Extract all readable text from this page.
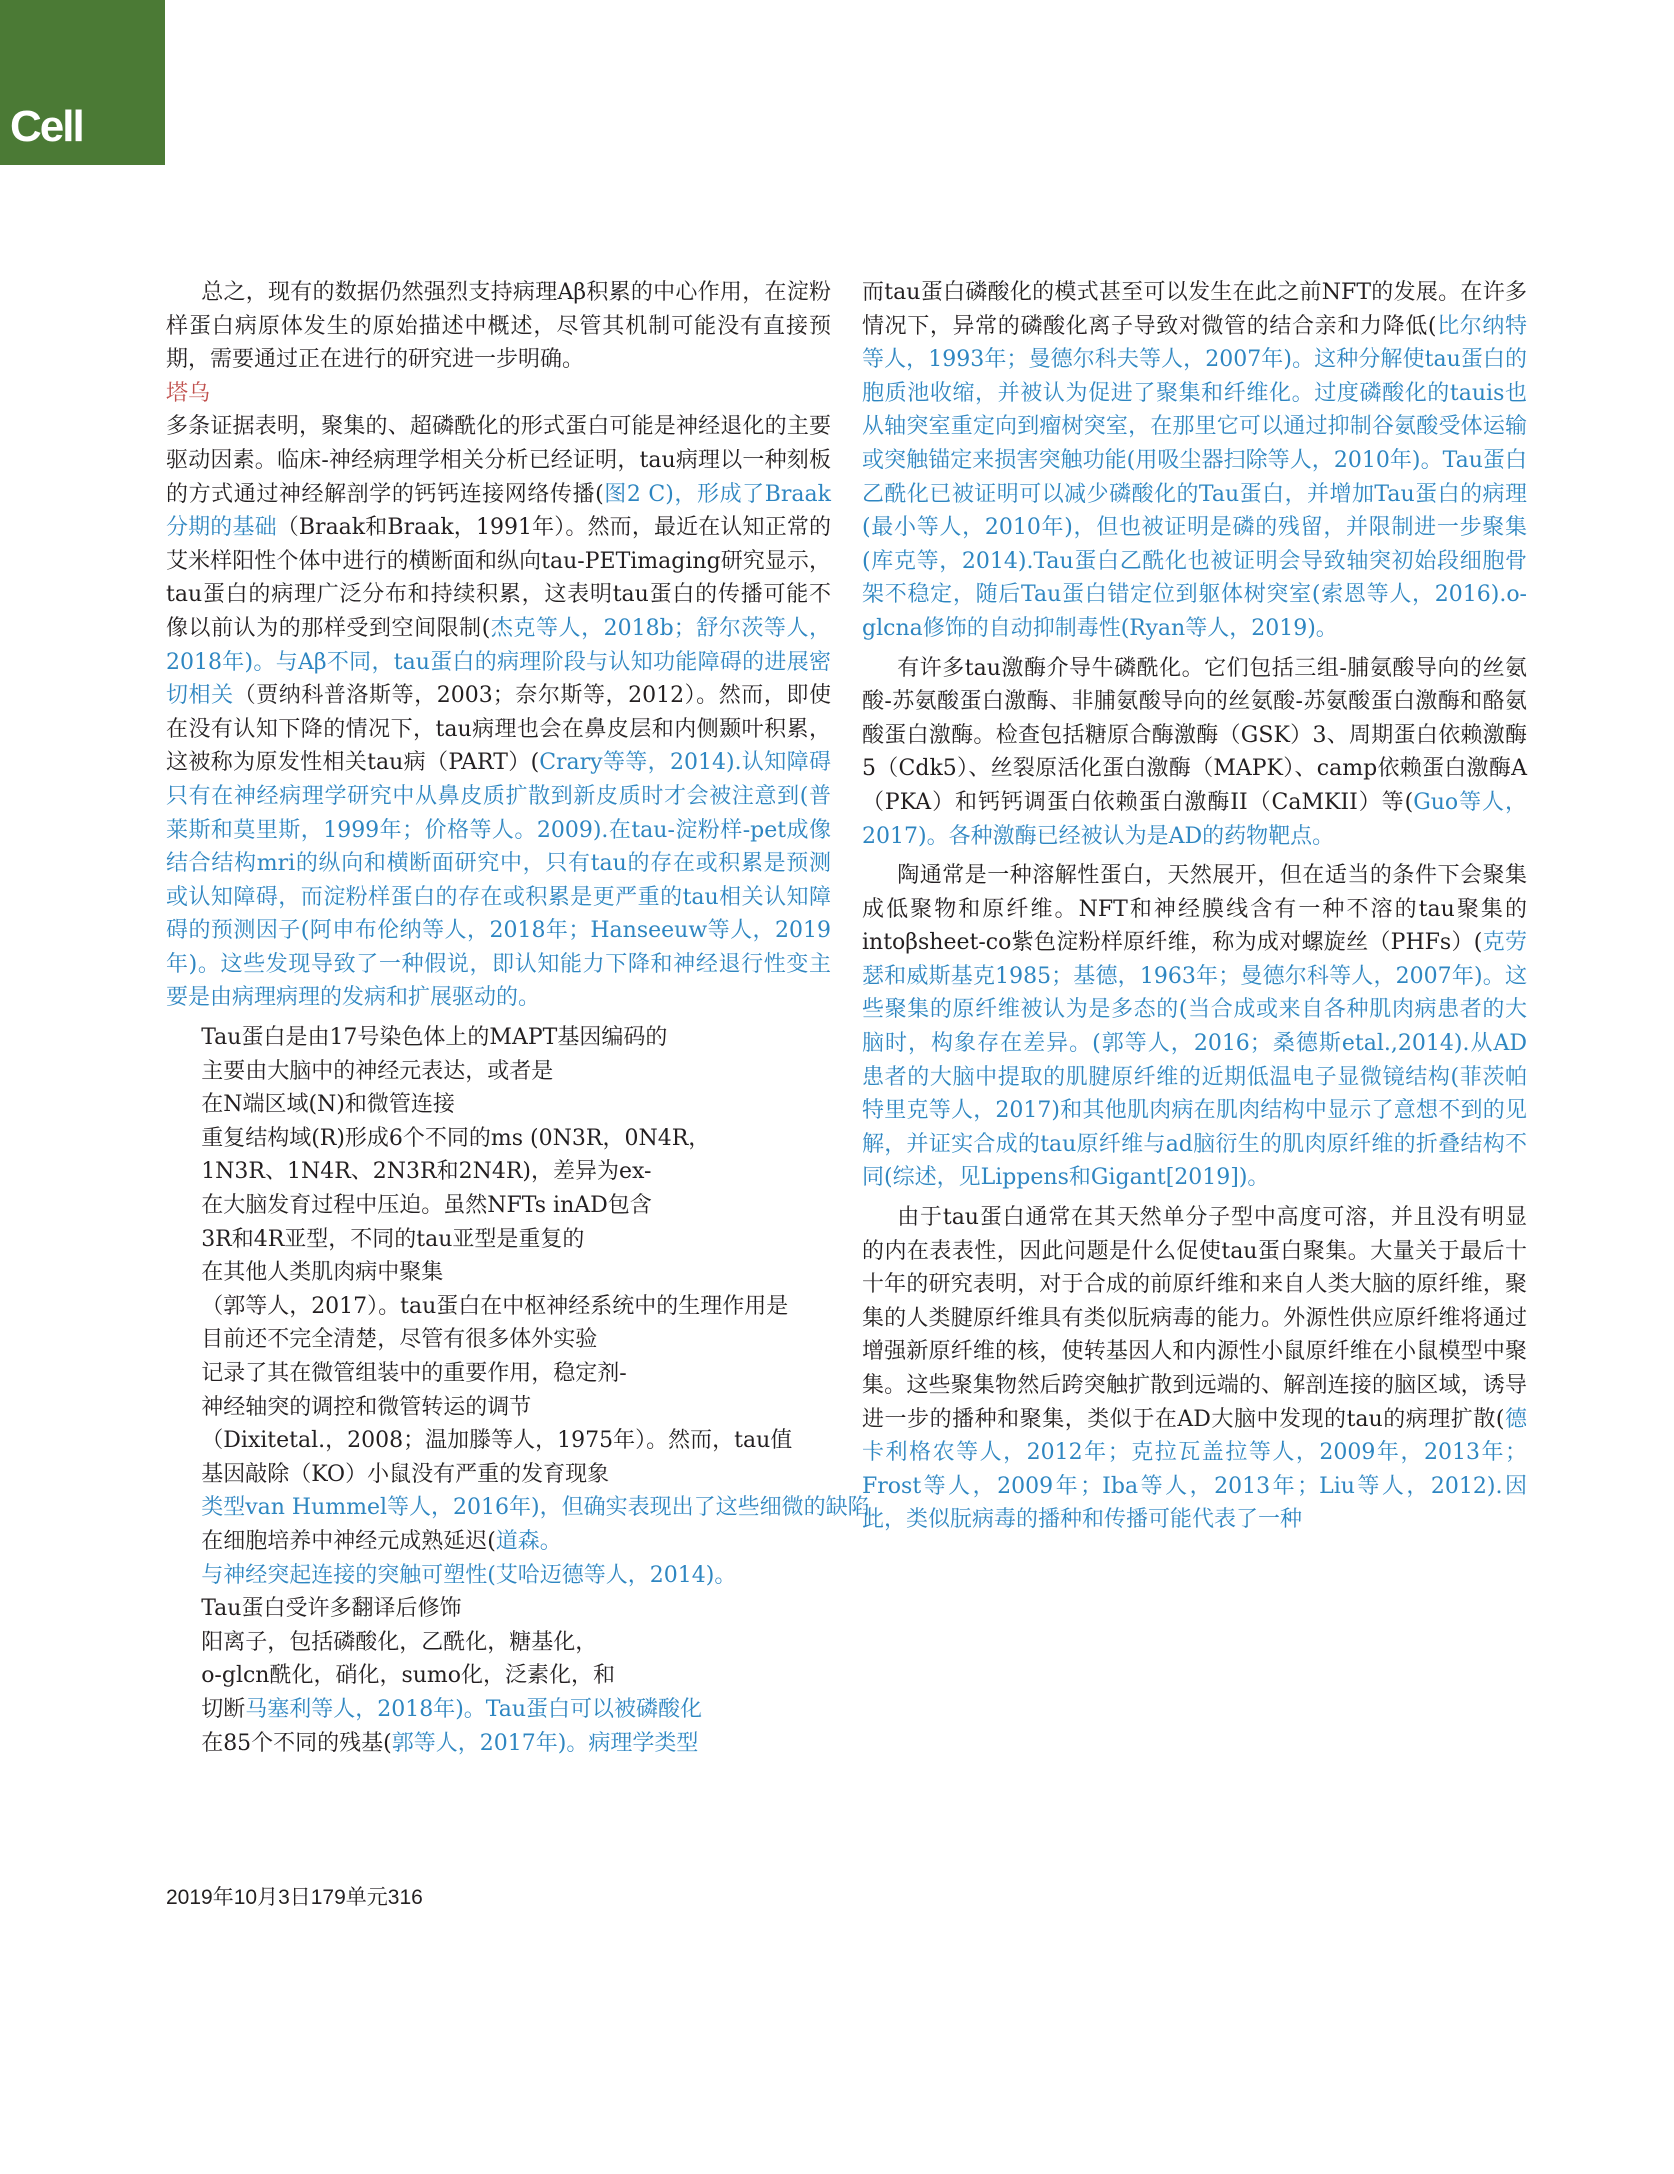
Cell

总之，现有的数据仍然强烈支持病理Aβ积累的中心作用，在淀粉样蛋白病原体发生的原始描述中概述，尽管其机制可能没有直接预期，需要通过正在进行的研究进一步明确。

塔乌

多条证据表明，聚集的、超磷酰化的形式蛋白可能是神经退化的主要驱动因素。临床-神经病理学相关分析已经证明，tau病理以一种刻板的方式通过神经解剖学的钙钙连接网络传播(图2 C)，形成了Braak分期的基础（Braak和Braak，1991年）。然而，最近在认知正常的艾米样阳性个体中进行的横断面和纵向tau-PETimaging研究显示，tau蛋白的病理广泛分布和持续积累，这表明tau蛋白的传播可能不像以前认为的那样受到空间限制(杰克等人，2018b；舒尔茨等人，2018年)。与Aβ不同，tau蛋白的病理阶段与认知功能障碍的进展密切相关（贾纳科普洛斯等，2003；奈尔斯等，2012）。然而，即使在没有认知下降的情况下，tau病理也会在鼻皮层和内侧颞叶积累，这被称为原发性相关tau病（PART）(Crary等等，2014).认知障碍只有在神经病理学研究中从鼻皮质扩散到新皮质时才会被注意到(普莱斯和莫里斯，1999年；价格等人。2009).在tau-淀粉样-pet成像结合结构mri的纵向和横断面研究中，只有tau的存在或积累是预测或认知障碍，而淀粉样蛋白的存在或积累是更严重的tau相关认知障碍的预测因子(阿申布伦纳等人，2018年；Hanseeuw等人，2019年)。这些发现导致了一种假说，即认知能力下降和神经退行性变主要是由病理病理的发病和扩展驱动的。

Tau蛋白是由17号染色体上的MAPT基因编码的
主要由大脑中的神经元表达，或者是
在N端区域(N)和微管连接
重复结构域(R)形成6个不同的ms (0N3R，0N4R，
1N3R、1N4R、2N3R和2N4R)，差异为ex-
在大脑发育过程中压迫。虽然NFTs inAD包含
3R和4R亚型，不同的tau亚型是重复的
在其他人类肌肉病中聚集
（郭等人，2017）。tau蛋白在中枢神经系统中的生理作用是
目前还不完全清楚，尽管有很多体外实验
记录了其在微管组装中的重要作用，稳定剂-
神经轴突的调控和微管转运的调节
（Dixitetal.，2008；温加滕等人，1975年）。然而，tau值
基因敲除（KO）小鼠没有严重的发育现象
类型van Hummel等人，2016年)，但确实表现出了这些细微的缺陷
在细胞培养中神经元成熟延迟(道森。
与神经突起连接的突触可塑性(艾哈迈德等人，2014)。
Tau蛋白受许多翻译后修饰
阳离子，包括磷酸化，乙酰化，糖基化，
o-glcn酰化，硝化，sumo化，泛素化，和
切断马塞利等人，2018年)。Tau蛋白可以被磷酸化
在85个不同的残基(郭等人，2017年)。病理学类型

而tau蛋白磷酸化的模式甚至可以发生在此之前NFT的发展。在许多情况下，异常的磷酸化离子导致对微管的结合亲和力降低(比尔纳特等人，1993年；曼德尔科夫等人，2007年)。这种分解使tau蛋白的胞质池收缩，并被认为促进了聚集和纤维化。过度磷酸化的tauis也从轴突室重定向到瘤树突室，在那里它可以通过抑制谷氨酸受体运输或突触锚定来损害突触功能(用吸尘器扫除等人，2010年)。Tau蛋白乙酰化已被证明可以减少磷酸化的Tau蛋白，并增加Tau蛋白的病理(最小等人，2010年)，但也被证明是磷的残留，并限制进一步聚集(库克等，2014).Tau蛋白乙酰化也被证明会导致轴突初始段细胞骨架不稳定，随后Tau蛋白错定位到躯体树突室(索恩等人，2016).o-glcna修饰的自动抑制毒性(Ryan等人，2019)。

有许多tau激酶介导牛磷酰化。它们包括三组-脯氨酸导向的丝氨酸-苏氨酸蛋白激酶、非脯氨酸导向的丝氨酸-苏氨酸蛋白激酶和酪氨酸蛋白激酶。检查包括糖原合酶激酶（GSK）3、周期蛋白依赖激酶5（Cdk5）、丝裂原活化蛋白激酶（MAPK）、camp依赖蛋白激酶A（PKA）和钙钙调蛋白依赖蛋白激酶II（CaMKII）等(Guo等人，2017)。各种激酶已经被认为是AD的药物靶点。

陶通常是一种溶解性蛋白，天然展开，但在适当的条件下会聚集成低聚物和原纤维。NFT和神经膜线含有一种不溶的tau聚集的intoβsheet-co紫色淀粉样原纤维，称为成对螺旋丝（PHFs）(克劳瑟和威斯基克1985；基德，1963年；曼德尔科等人，2007年)。这些聚集的原纤维被认为是多态的(当合成或来自各种肌肉病患者的大脑时，构象存在差异。(郭等人，2016；桑德斯etal.,2014).从AD患者的大脑中提取的肌腱原纤维的近期低温电子显微镜结构(菲茨帕特里克等人，2017)和其他肌肉病在肌肉结构中显示了意想不到的见解，并证实合成的tau原纤维与ad脑衍生的肌肉原纤维的折叠结构不同(综述，见Lippens和Gigant[2019])。

由于tau蛋白通常在其天然单分子型中高度可溶，并且没有明显的内在表表性，因此问题是什么促使tau蛋白聚集。大量关于最后十十年的研究表明，对于合成的前原纤维和来自人类大脑的原纤维，聚集的人类腱原纤维具有类似朊病毒的能力。外源性供应原纤维将通过增强新原纤维的核，使转基因人和内源性小鼠原纤维在小鼠模型中聚集。这些聚集物然后跨突触扩散到远端的、解剖连接的脑区域，诱导进一步的播种和聚集，类似于在AD大脑中发现的tau的病理扩散(德卡利格农等人，2012年；克拉瓦盖拉等人，2009年，2013年；Frost等人，2009年；Iba等人，2013年；Liu等人，2012).因此，类似朊病毒的播种和传播可能代表了一种

2019年10月3日179单元316
